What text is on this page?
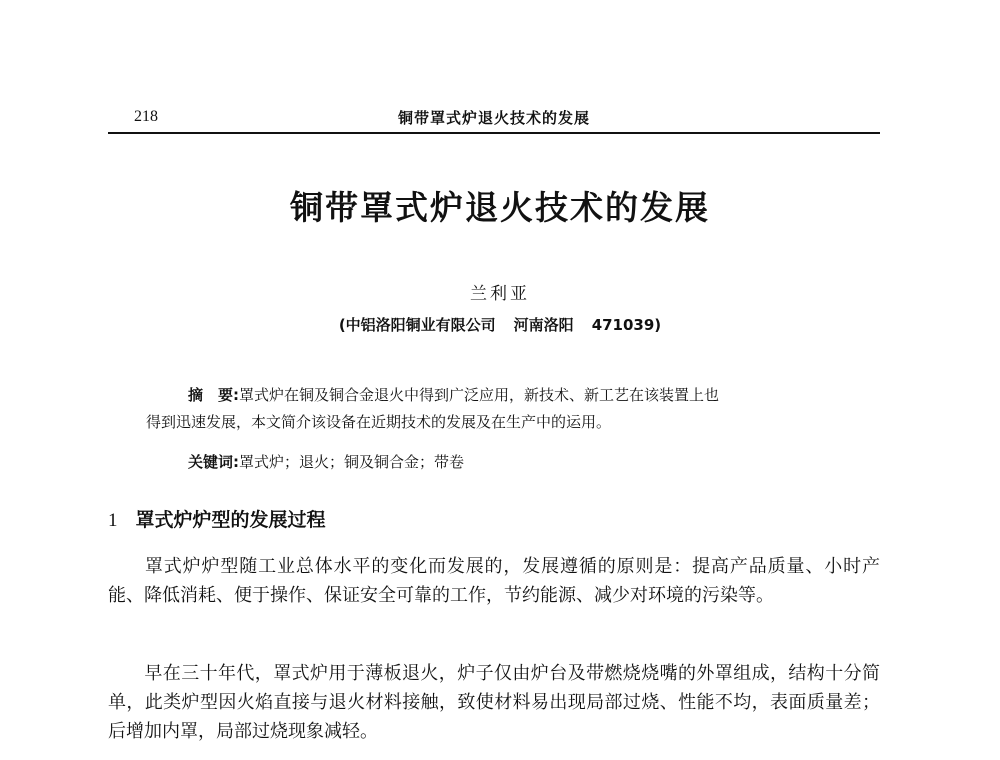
218	铜带罩式炉退火技术的发展
铜带罩式炉退火技术的发展
兰利亚
(中铝洛阳铜业有限公司 河南洛阳 471039)
摘　要:罩式炉在铜及铜合金退火中得到广泛应用，新技术、新工艺在该装置上也
得到迅速发展，本文简介该设备在近期技术的发展及在生产中的运用。
关键词:罩式炉；退火；铜及铜合金；带卷
1 罩式炉炉型的发展过程
罩式炉炉型随工业总体水平的变化而发展的，发展遵循的原则是：提高产品质量、小时产能、降低消耗、便于操作、保证安全可靠的工作，节约能源、减少对环境的污染等。
早在三十年代，罩式炉用于薄板退火，炉子仅由炉台及带燃烧烧嘴的外罩组成，结构十分简单，此类炉型因火焰直接与退火材料接触，致使材料易出现局部过烧、性能不均，表面质量差；后增加内罩，局部过烧现象减轻。
